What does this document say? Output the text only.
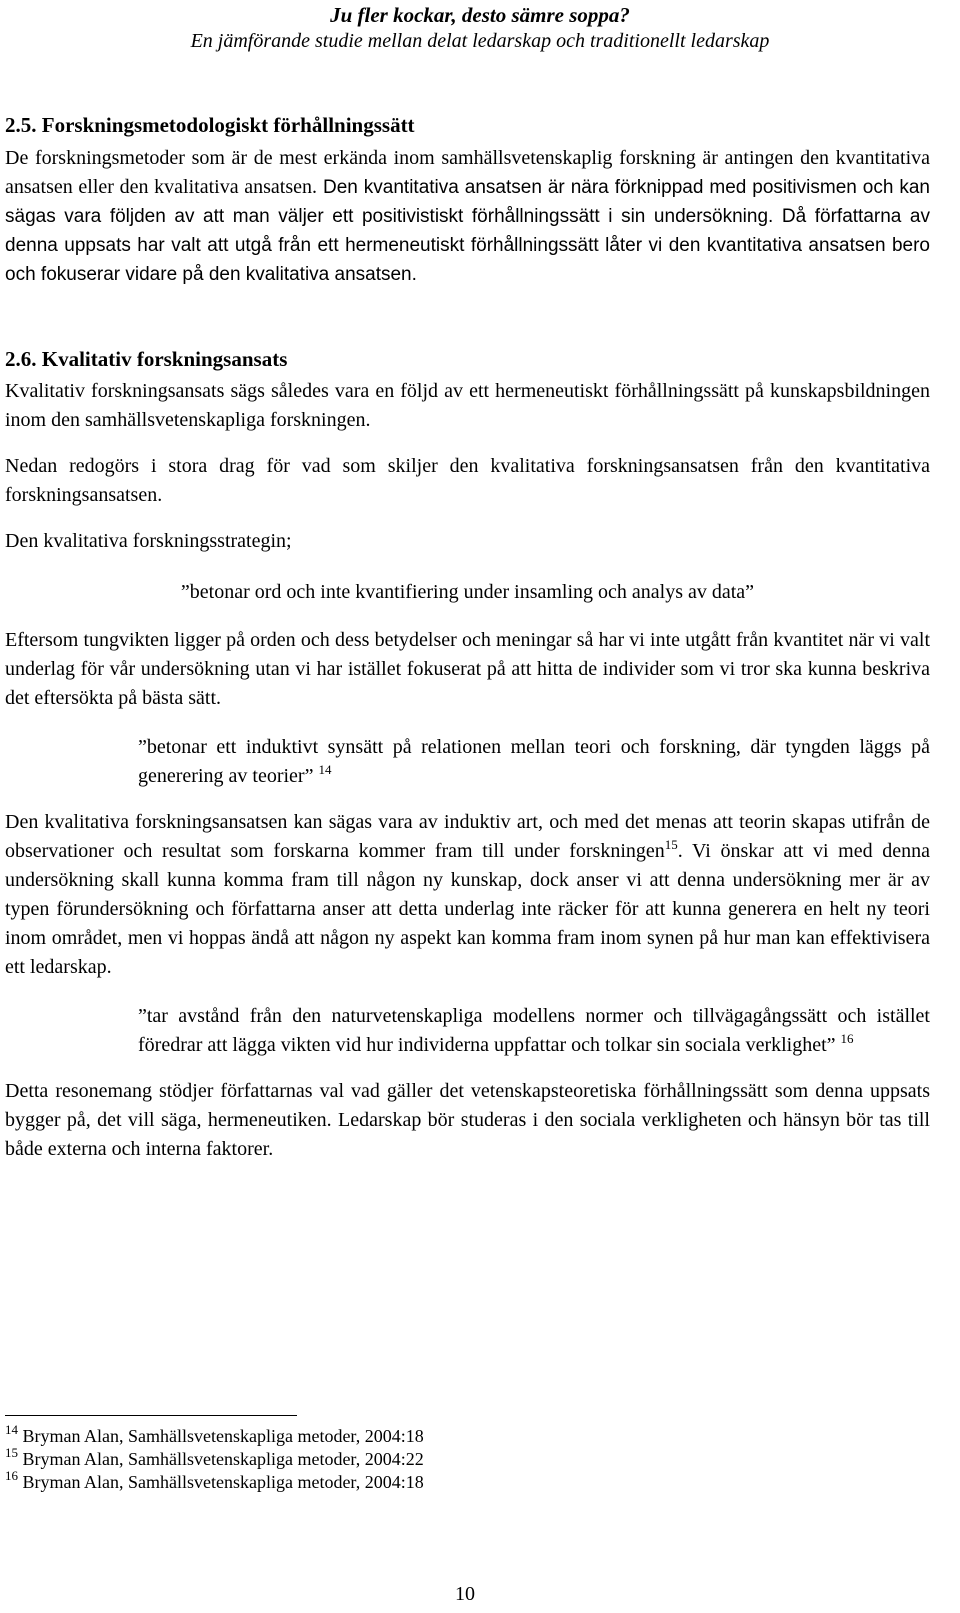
Ju fler kockar, desto sämre soppa?
En jämförande studie mellan delat ledarskap och traditionellt ledarskap
2.5. Forskningsmetodologiskt förhållningssätt

De forskningsmetoder som är de mest erkända inom samhällsvetenskaplig forskning är antingen den kvantitativa ansatsen eller den kvalitativa ansatsen. Den kvantitativa ansatsen är nära förknippad med positivismen och kan sägas vara följden av att man väljer ett positivistiskt förhållningssätt i sin undersökning. Då författarna av denna uppsats har valt att utgå från ett hermeneutiskt förhållningssätt låter vi den kvantitativa ansatsen bero och fokuserar vidare på den kvalitativa ansatsen.

2.6. Kvalitativ forskningsansats

Kvalitativ forskningsansats sägs således vara en följd av ett hermeneutiskt förhållningssätt på kunskapsbildningen inom den samhällsvetenskapliga forskningen.

Nedan redogörs i stora drag för vad som skiljer den kvalitativa forskningsansatsen från den kvantitativa forskningsansatsen.

Den kvalitativa forskningsstrategin;

”betonar ord och inte kvantifiering under insamling och analys av data”

Eftersom tungvikten ligger på orden och dess betydelser och meningar så har vi inte utgått från kvantitet när vi valt underlag för vår undersökning utan vi har istället fokuserat på att hitta de individer som vi tror ska kunna beskriva det eftersökta på bästa sätt.

”betonar ett induktivt synsätt på relationen mellan teori och forskning, där tyngden läggs på generering av teorier” $^{14}$

Den kvalitativa forskningsansatsen kan sägas vara av induktiv art, och med det menas att teorin skapas utifrån de observationer och resultat som forskarna kommer fram till under forskningen$^{15}$. Vi önskar att vi med denna undersökning skall kunna komma fram till någon ny kunskap, dock anser vi att denna undersökning mer är av typen förundersökning och författarna anser att detta underlag inte räcker för att kunna generera en helt ny teori inom området, men vi hoppas ändå att någon ny aspekt kan komma fram inom synen på hur man kan effektivisera ett ledarskap.

”tar avstånd från den naturvetenskapliga modellens normer och tillvägagångssätt och istället föredrar att lägga vikten vid hur individerna uppfattar och tolkar sin sociala verklighet” $^{16}$

Detta resonemang stödjer författarnas val vad gäller det vetenskapsteoretiska förhållningssätt som denna uppsats bygger på, det vill säga, hermeneutiken. Ledarskap bör studeras i den sociala verkligheten och hänsyn bör tas till både externa och interna faktorer.

$^{14}$ Bryman Alan, Samhällsvetenskapliga metoder, 2004:18
$^{15}$ Bryman Alan, Samhällsvetenskapliga metoder, 2004:22
$^{16}$ Bryman Alan, Samhällsvetenskapliga metoder, 2004:18
10
